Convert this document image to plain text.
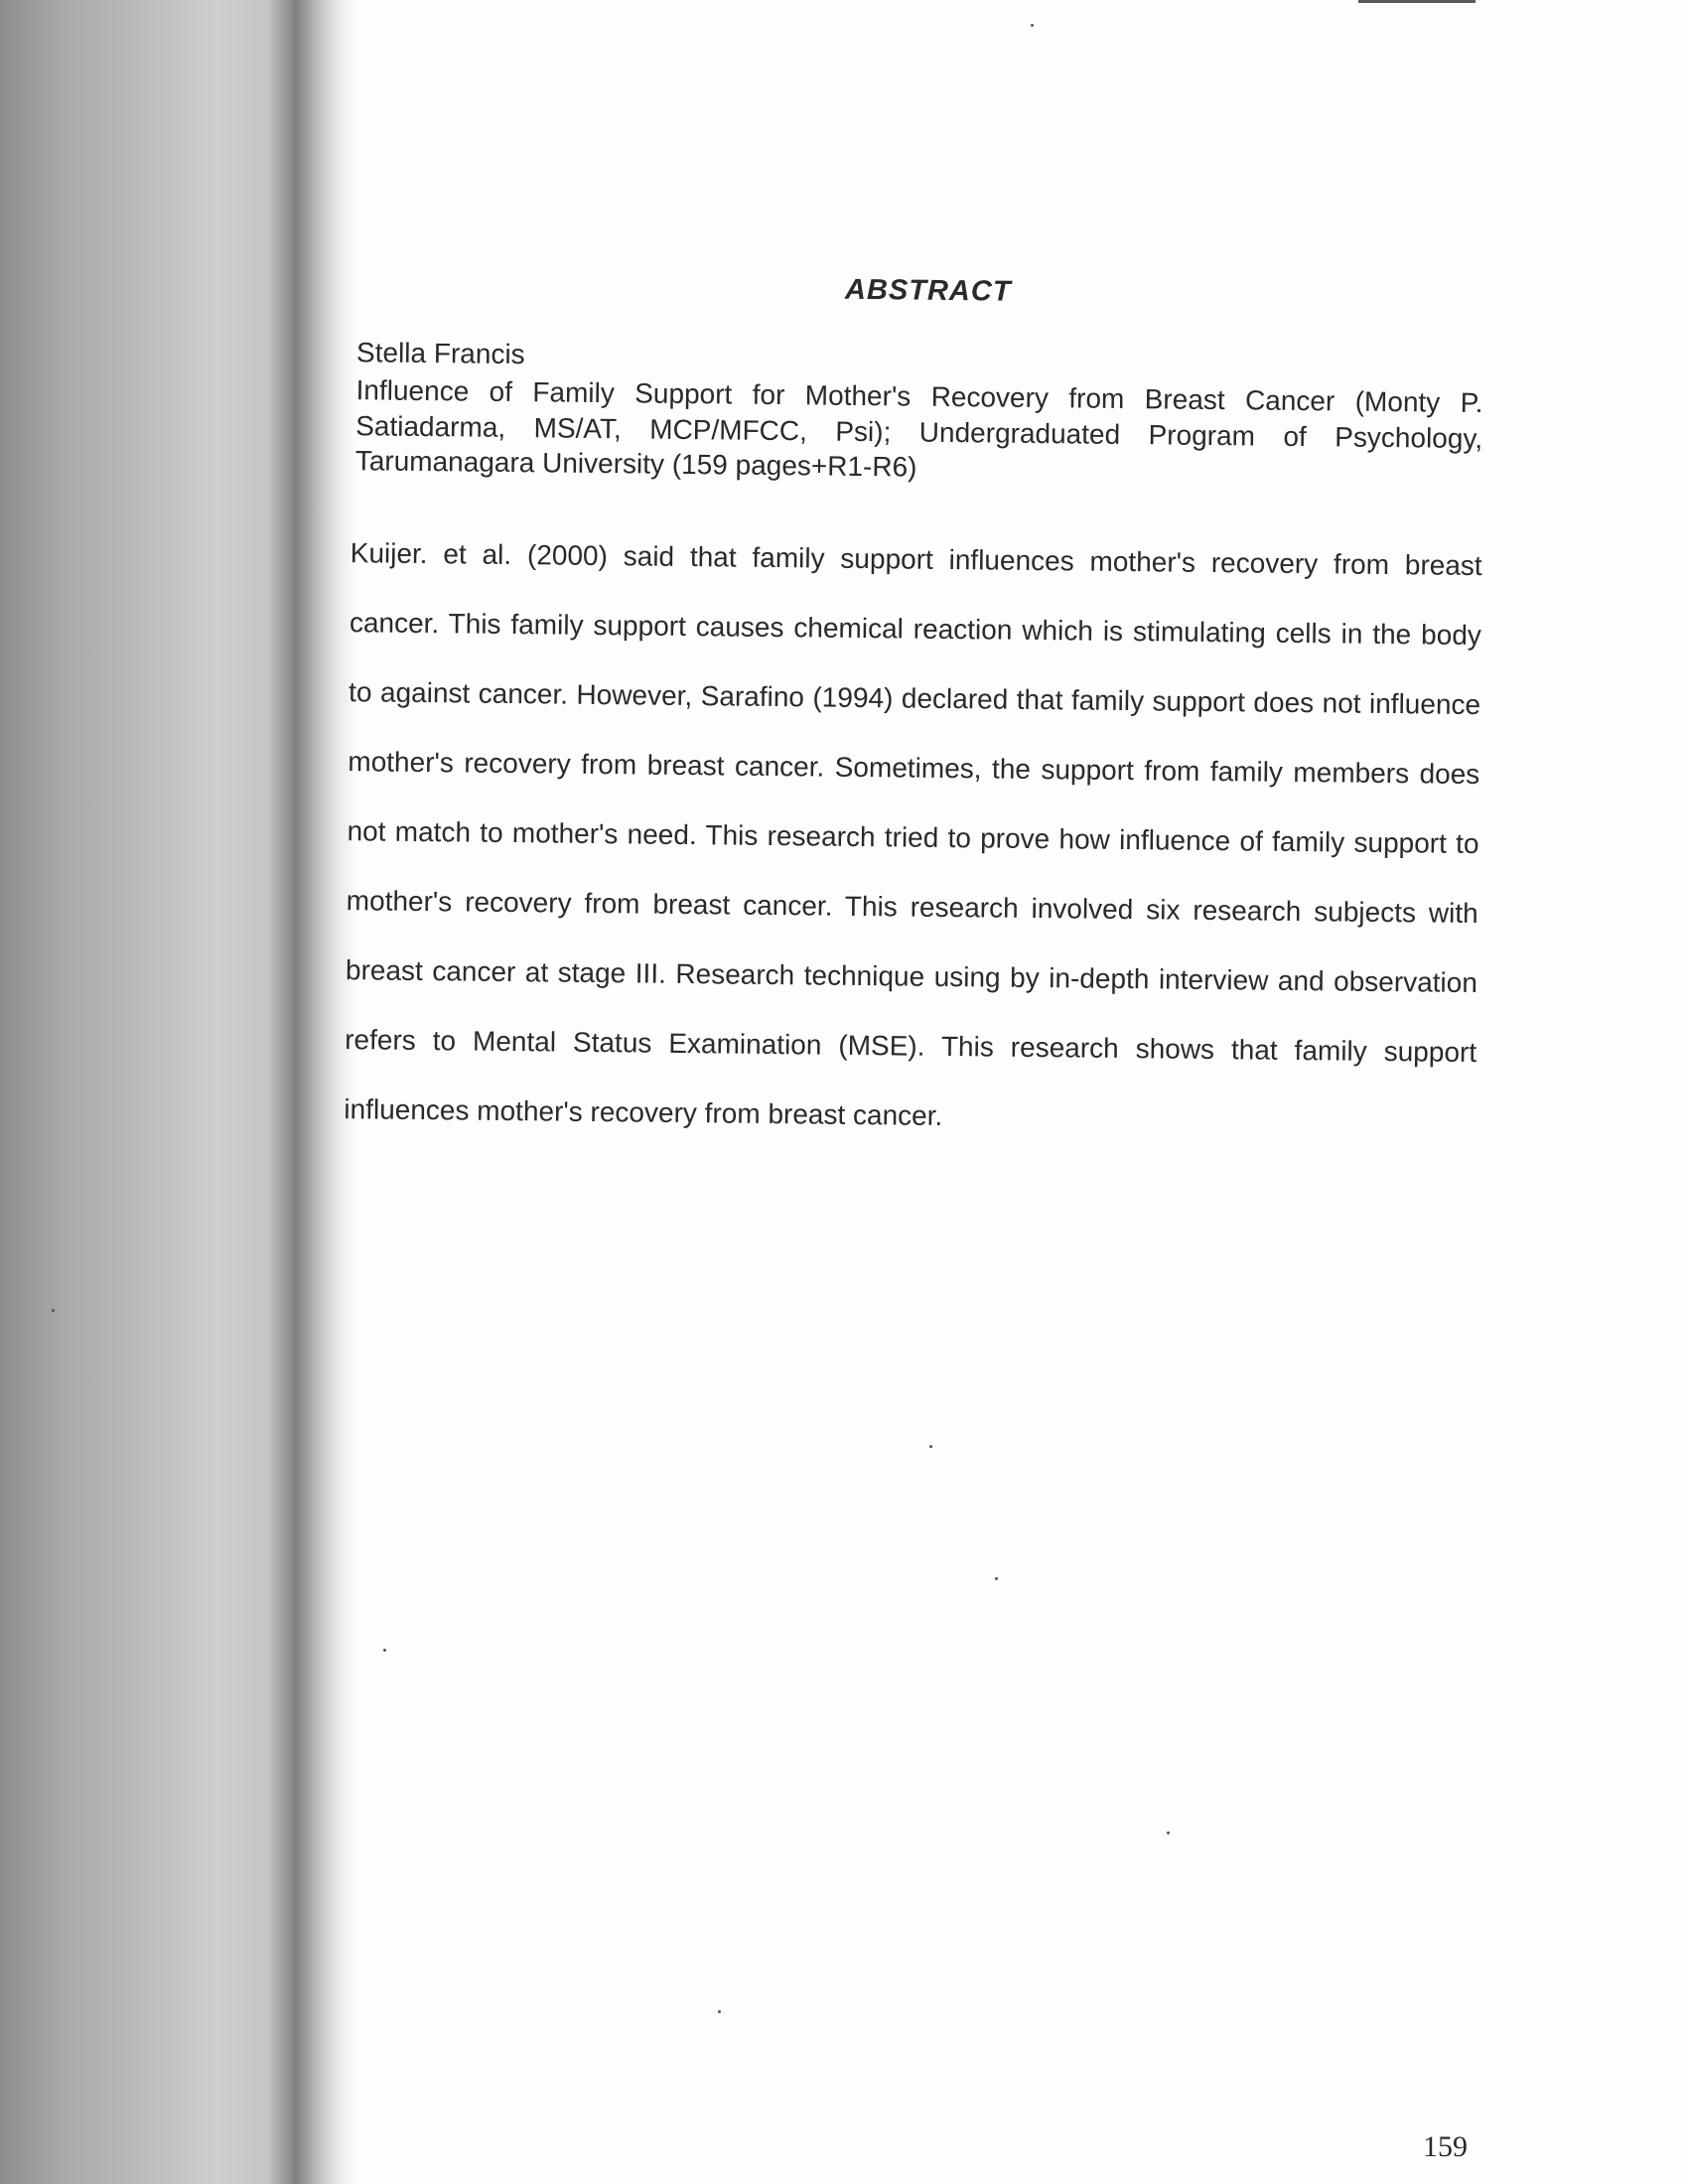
ABSTRACT
Stella Francis
Influence of Family Support for Mother's Recovery from Breast Cancer (Monty P. Satiadarma, MS/AT, MCP/MFCC, Psi); Undergraduated Program of Psychology, Tarumanagara University (159 pages+R1-R6)
Kuijer. et al. (2000) said that family support influences mother's recovery from breast cancer. This family support causes chemical reaction which is stimulating cells in the body to against cancer. However, Sarafino (1994) declared that family support does not influence mother's recovery from breast cancer. Sometimes, the support from family members does not match to mother's need. This research tried to prove how influence of family support to mother's recovery from breast cancer. This research involved six research subjects with breast cancer at stage III. Research technique using by in-depth interview and observation refers to Mental Status Examination (MSE). This research shows that family support influences mother's recovery from breast cancer.
159
